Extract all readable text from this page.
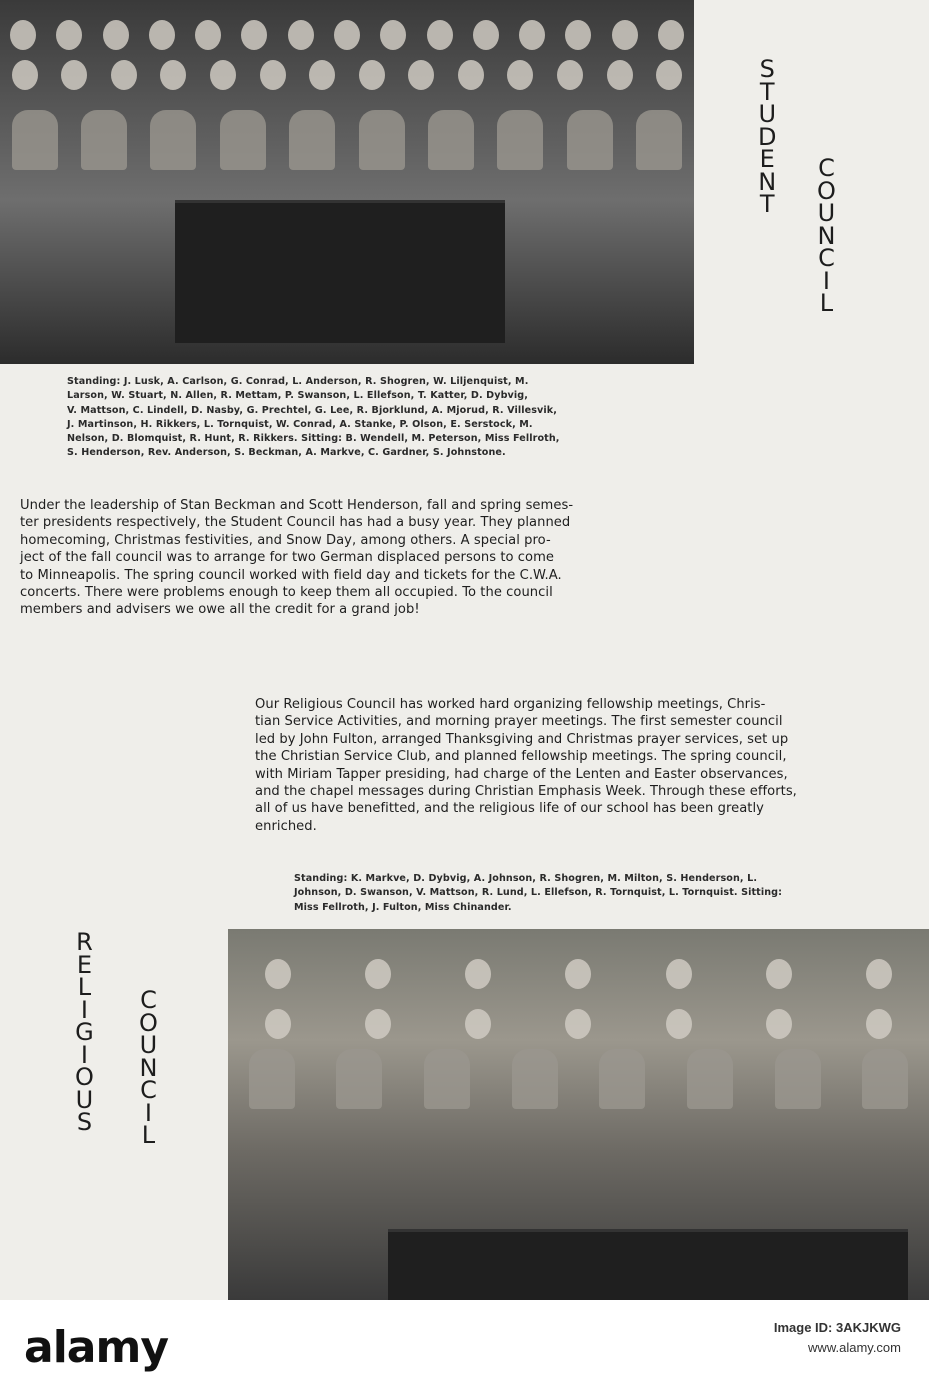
S
T
U
D
E
N
T
C
O
U
N
C
I
L
Standing: J. Lusk, A. Carlson, G. Conrad, L. Anderson, R. Shogren, W. Liljenquist, M.
Larson, W. Stuart, N. Allen, R. Mettam, P. Swanson, L. Ellefson, T. Katter, D. Dybvig,
V. Mattson, C. Lindell, D. Nasby, G. Prechtel, G. Lee, R. Bjorklund, A. Mjorud, R. Villesvik,
J. Martinson, H. Rikkers, L. Tornquist, W. Conrad, A. Stanke, P. Olson, E. Serstock, M.
Nelson, D. Blomquist, R. Hunt, R. Rikkers. Sitting: B. Wendell, M. Peterson, Miss Fellroth,
S. Henderson, Rev. Anderson, S. Beckman, A. Markve, C. Gardner, S. Johnstone.
Under the leadership of Stan Beckman and Scott Henderson, fall and spring semes-
ter presidents respectively, the Student Council has had a busy year. They planned
homecoming, Christmas festivities, and Snow Day, among others. A special pro-
ject of the fall council was to arrange for two German displaced persons to come
to Minneapolis. The spring council worked with field day and tickets for the C.W.A.
concerts. There were problems enough to keep them all occupied. To the council
members and advisers we owe all the credit for a grand job!
Our Religious Council has worked hard organizing fellowship meetings, Chris-
tian Service Activities, and morning prayer meetings. The first semester council
led by John Fulton, arranged Thanksgiving and Christmas prayer services, set up
the Christian Service Club, and planned fellowship meetings. The spring council,
with Miriam Tapper presiding, had charge of the Lenten and Easter observances,
and the chapel messages during Christian Emphasis Week. Through these efforts,
all of us have benefitted, and the religious life of our school has been greatly
enriched.
Standing: K. Markve, D. Dybvig, A. Johnson, R. Shogren, M. Milton, S. Henderson, L.
Johnson, D. Swanson, V. Mattson, R. Lund, L. Ellefson, R. Tornquist, L. Tornquist. Sitting:
Miss Fellroth, J. Fulton, Miss Chinander.
R
E
L
I
G
I
O
U
S
C
O
U
N
C
I
L
alamy	Image ID: 3AKJKWG
www.alamy.com
